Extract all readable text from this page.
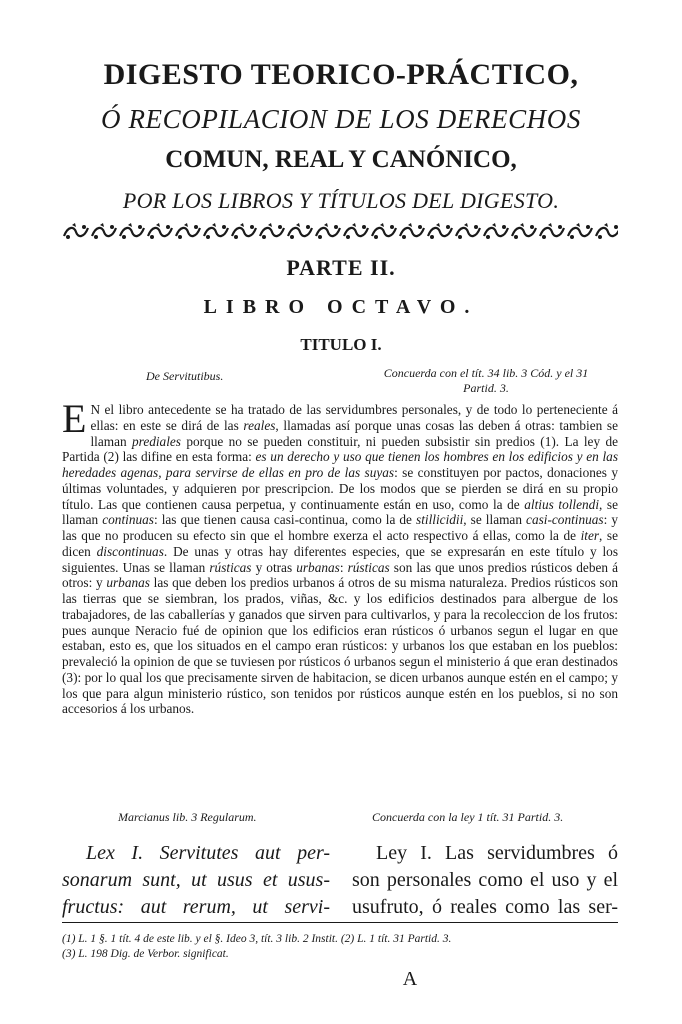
DIGESTO TEORICO-PRÁCTICO,
Ó RECOPILACION DE LOS DERECHOS
COMUN, REAL Y CANÓNICO,
POR LOS LIBROS Y TÍTULOS DEL DIGESTO.
PARTE II.
LIBRO OCTAVO.
TITULO I.
De Servitutibus.	Concuerda con el tít. 34 lib. 3 Cód. y el 31
Partid. 3.
E N el libro antecedente se ha tratado de las servidumbres personales, y de todo lo perteneciente á ellas: en este se dirá de las reales, llamadas así porque unas cosas las deben á otras: tambien se llaman prediales porque no se pueden constituir, ni pueden subsistir sin predios (1). La ley de Partida (2) las difine en esta forma: es un derecho y uso que tienen los hombres en los edificios y en las heredades agenas, para servirse de ellas en pro de las suyas: se constituyen por pactos, donaciones y últimas voluntades, y adquieren por prescripcion. De los modos que se pierden se dirá en su propio título. Las que contienen causa perpetua, y continuamente están en uso, como la de altius tollendi, se llaman continuas: las que tienen causa casi-continua, como la de stillicidii, se llaman casi-continuas: y las que no producen su efecto sin que el hombre exerza el acto respectivo á ellas, como la de iter, se dicen discontinuas. De unas y otras hay diferentes especies, que se expresarán en este título y los siguientes. Unas se llaman rústicas y otras urbanas: rústicas son las que unos predios rústicos deben á otros: y urbanas las que deben los predios urbanos á otros de su misma naturaleza. Predios rústicos son las tierras que se siembran, los prados, viñas, &c. y los edificios destinados para albergue de los trabajadores, de las caballerías y ganados que sirven para cultivarlos, y para la recoleccion de los frutos: pues aunque Neracio fué de opinion que los edificios eran rústicos ó urbanos segun el lugar en que estaban, esto es, que los situados en el campo eran rústicos: y urbanos los que estaban en los pueblos: prevaleció la opinion de que se tuviesen por rústicos ó urbanos segun el ministerio á que eran destinados (3): por lo qual los que precisamente sirven de habitacion, se dicen urbanos aunque estén en el campo; y los que para algun ministerio rústico, son tenidos por rústicos aunque estén en los pueblos, si no son accesorios á los urbanos.
Marcianus lib. 3 Regularum.	Concuerda con la ley 1 tít. 31 Partid. 3.
Lex I. Servitutes aut per-
sonarum sunt, ut usus et usus-
fructus: aut rerum, ut servi-
Ley I. Las servidumbres ó
son personales como el uso y el
usufruto, ó reales como las ser-
(1) L. 1 §. 1 tít. 4 de este lib. y el §. Ideo 3, tít. 3 lib. 2 Instit. (2) L. 1 tít. 31 Partid. 3.
(3) L. 198 Dig. de Verbor. significat.
A
